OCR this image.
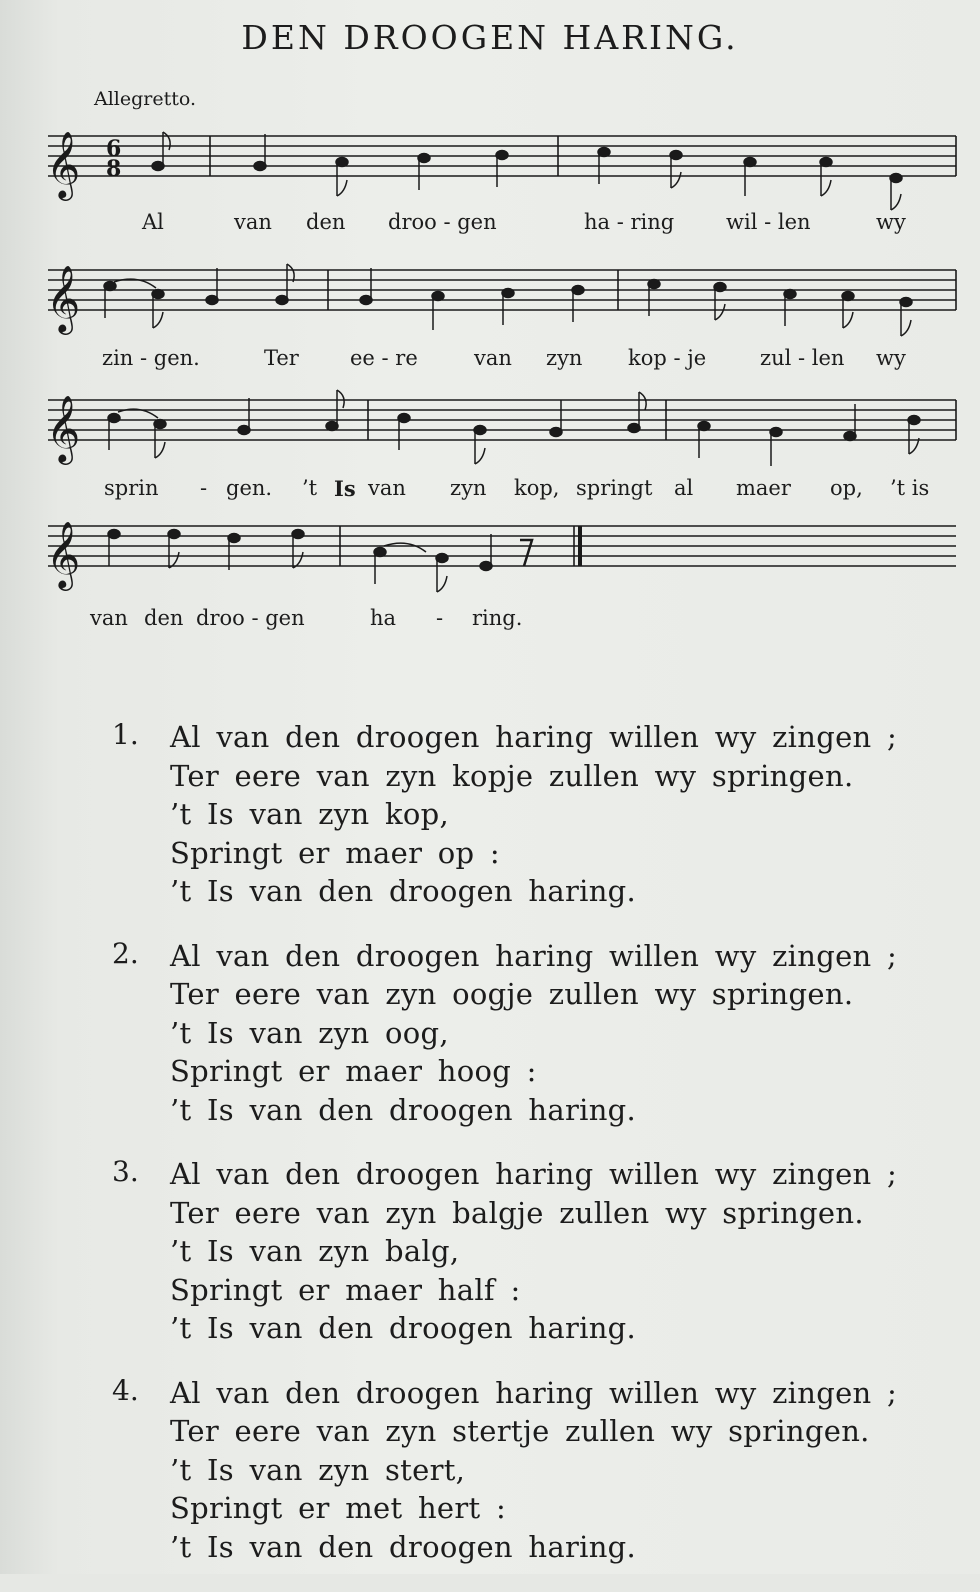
DEN DROOGEN HARING.
Allegretto.
𝄞 6
8
Al	van den droo - gen	ha - ring wil - len	wy
𝄞
zin - gen.	Ter ee - re	van zyn kop - je	zul - len wy
𝄞
sprin - gen. ’t Is van zyn kop, springt al maer op, ’t is
𝄞
van den droo - gen	ha - ring.
1. Al van den droogen haring willen wy zingen ;
Ter eere van zyn kopje zullen wy springen.
’t Is van zyn kop,
Springt er maer op :
’t Is van den droogen haring.
2. Al van den droogen haring willen wy zingen ;
Ter eere van zyn oogje zullen wy springen.
’t Is van zyn oog,
Springt er maer hoog :
’t Is van den droogen haring.
3. Al van den droogen haring willen wy zingen ;
Ter eere van zyn balgje zullen wy springen.
’t Is van zyn balg,
Springt er maer half :
’t Is van den droogen haring.
4. Al van den droogen haring willen wy zingen ;
Ter eere van zyn stertje zullen wy springen.
’t Is van zyn stert,
Springt er met hert :
’t Is van den droogen haring.
